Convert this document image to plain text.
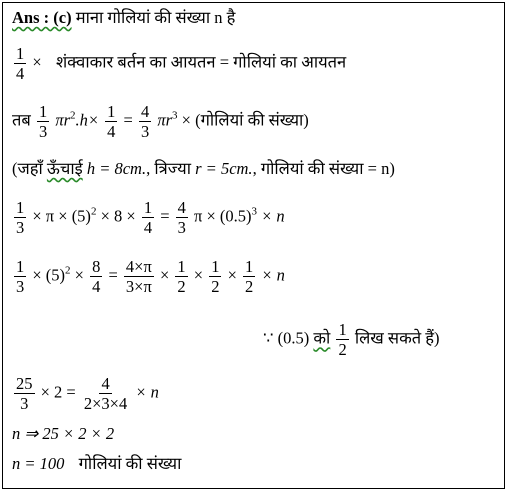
Ans : (c) माना गोलियां की संख्या n है
$\frac{1}{4}$ × शंक्वाकार बर्तन का आयतन = गोलियां का आयतन
तब $\frac{1}{3} \pi r^2.h\times \frac{1}{4} = \frac{4}{3} \pi r^3$ × (गोलियां की संख्या)
(जहाँ ऊँचाई h = 8cm., त्रिज्या r = 5cm., गोलियां की संख्या = n)
$\frac{1}{3} \times \pi \times (5)^2 \times 8 \times \frac{1}{4} = \frac{4}{3}$ $\pi \times (0.5)^3 \times n$
$\frac{1}{3} \times (5)^2 \times \frac{8}{4} = \frac{4\times\pi}{3\times\pi} \times \frac{1}{2} \times \frac{1}{2} \times \frac{1}{2} \times n$
∵ (0.5) को $\frac{1}{2}$ लिख सकते हैं)
$\frac{25}{3} \times 2 = \frac{4}{2\times 3\times 4} \times n$
n ⇒ 25 × 2 × 2
n = 100 गोलियां की संख्या
